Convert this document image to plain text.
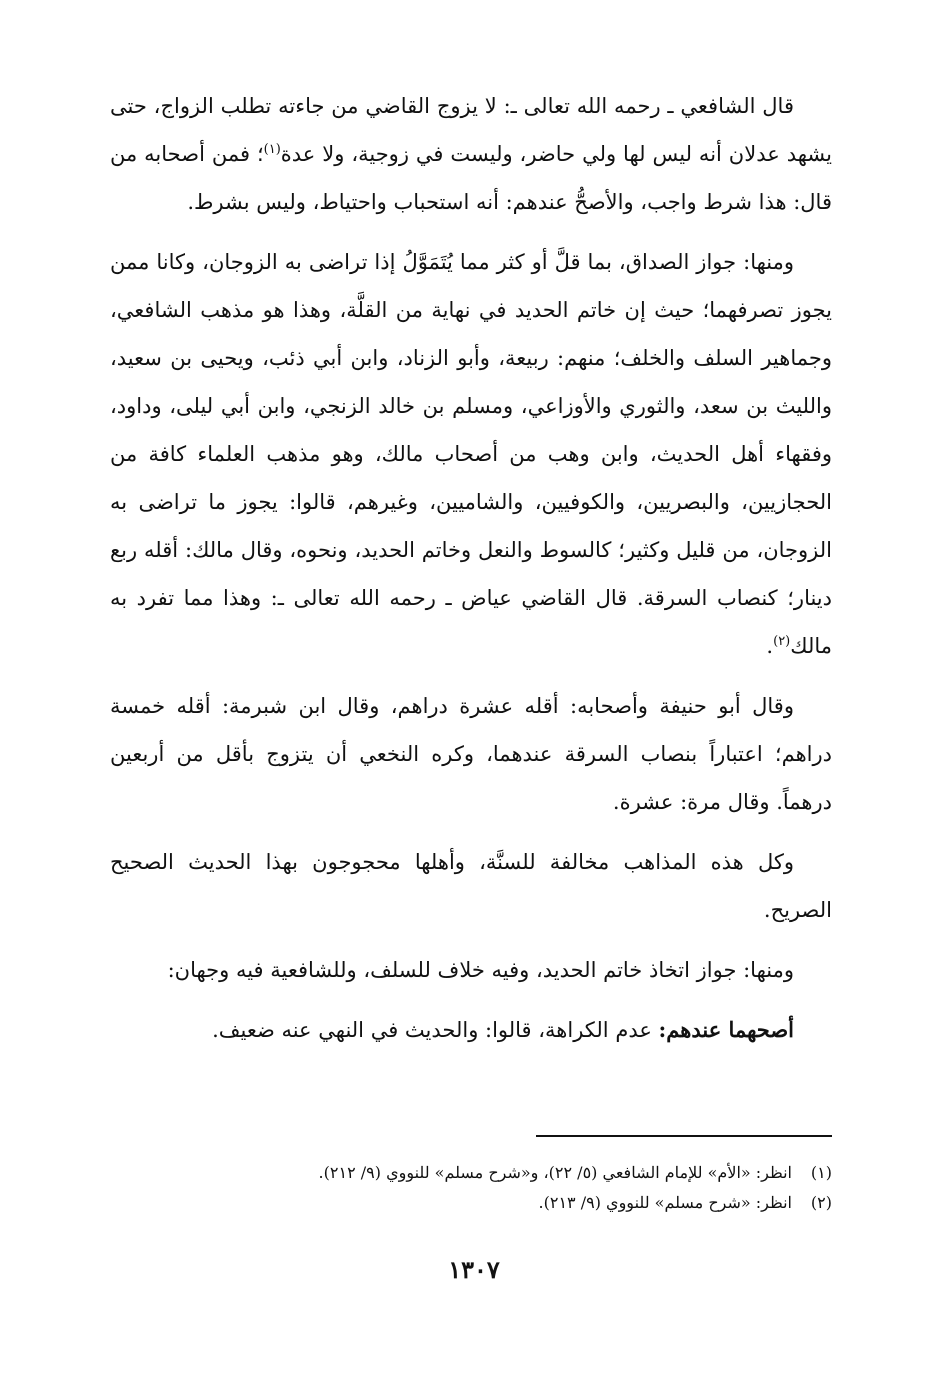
قال الشافعي ـ رحمه الله تعالى ـ: لا يزوج القاضي من جاءته تطلب الزواج، حتى يشهد عدلان أنه ليس لها ولي حاضر، وليست في زوجية، ولا عدة$^{(١)}$؛ فمن أصحابه من قال: هذا شرط واجب، والأصحُّ عندهم: أنه استحباب واحتياط، وليس بشرط.

ومنها: جواز الصداق، بما قلَّ أو كثر مما يُتَمَوَّلُ إذا تراضى به الزوجان، وكانا ممن يجوز تصرفهما؛ حيث إن خاتم الحديد في نهاية من القلَّة، وهذا هو مذهب الشافعي، وجماهير السلف والخلف؛ منهم: ربيعة، وأبو الزناد، وابن أبي ذئب، ويحيى بن سعيد، والليث بن سعد، والثوري والأوزاعي، ومسلم بن خالد الزنجي، وابن أبي ليلى، وداود، وفقهاء أهل الحديث، وابن وهب من أصحاب مالك، وهو مذهب العلماء كافة من الحجازيين، والبصريين، والكوفيين، والشاميين، وغيرهم، قالوا: يجوز ما تراضى به الزوجان، من قليل وكثير؛ كالسوط والنعل وخاتم الحديد، ونحوه، وقال مالك: أقله ربع دينار؛ كنصاب السرقة. قال القاضي عياض ـ رحمه الله تعالى ـ: وهذا مما تفرد به مالك$^{(٢)}$.

وقال أبو حنيفة وأصحابه: أقله عشرة دراهم، وقال ابن شبرمة: أقله خمسة دراهم؛ اعتباراً بنصاب السرقة عندهما، وكره النخعي أن يتزوج بأقل من أربعين درهماً. وقال مرة: عشرة.

وكل هذه المذاهب مخالفة للسنَّة، وأهلها محجوجون بهذا الحديث الصحيح الصريح.

ومنها: جواز اتخاذ خاتم الحديد، وفيه خلاف للسلف، وللشافعية فيه وجهان:

أصحهما عندهم: عدم الكراهة، قالوا: والحديث في النهي عنه ضعيف.

(١)انظر: «الأم» للإمام الشافعي (٥/ ٢٢)، و«شرح مسلم» للنووي (٩/ ٢١٢).

(٢)انظر: «شرح مسلم» للنووي (٩/ ٢١٣).

١٣٠٧
